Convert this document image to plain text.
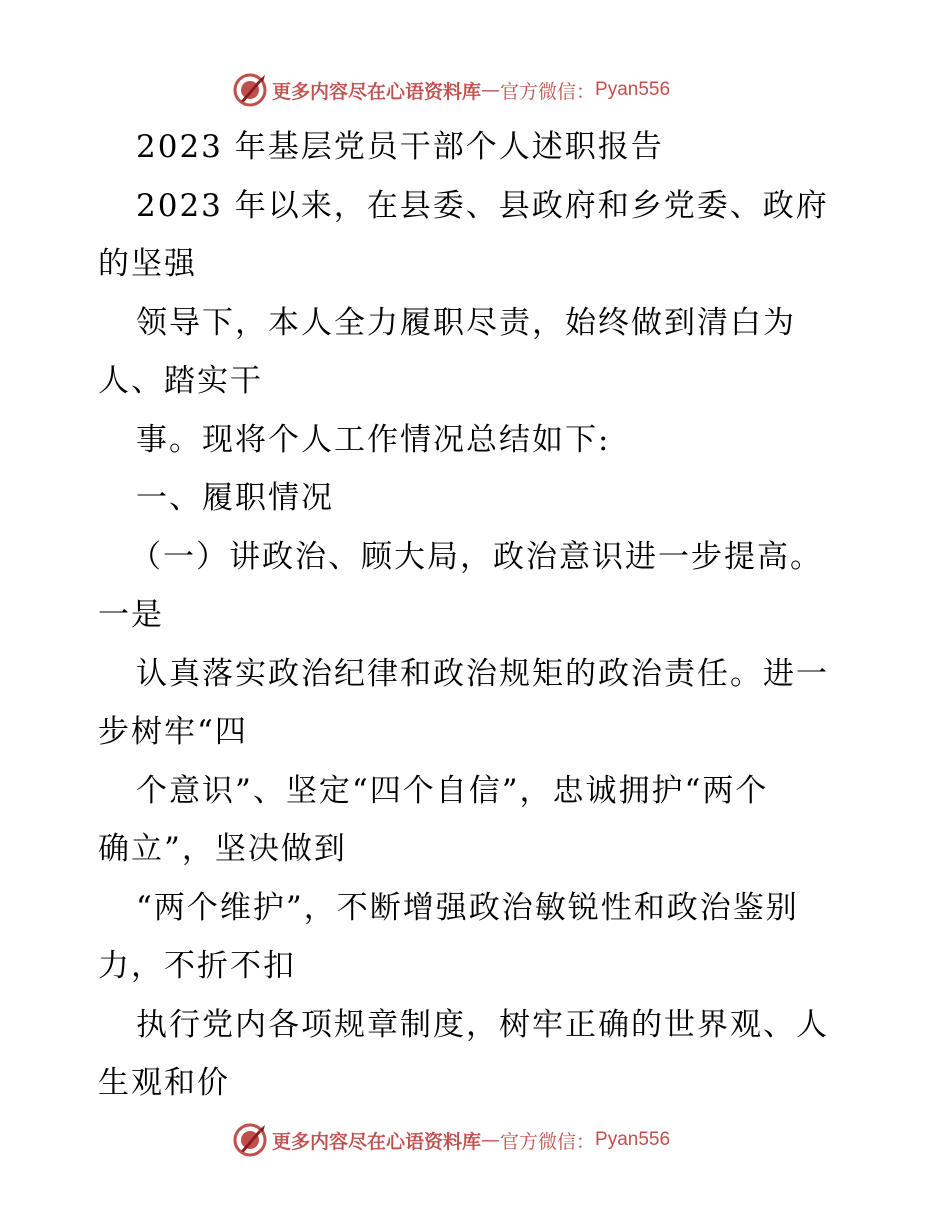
更多内容尽在心语资料库 — 官方微信： Pyan556
2023 年基层党员干部个人述职报告
2023 年以来，在县委、县政府和乡党委、政府
的坚强
领导下，本人全力履职尽责，始终做到清白为
人、踏实干
事。现将个人工作情况总结如下:
一、履职情况
（一）讲政治、顾大局，政治意识进一步提高。
一是
认真落实政治纪律和政治规矩的政治责任。进一
步树牢“四
个意识”、坚定“四个自信”，忠诚拥护“两个
确立”，坚决做到
“两个维护”，不断增强政治敏锐性和政治鉴别
力，不折不扣
执行党内各项规章制度，树牢正确的世界观、人
生观和价
更多内容尽在心语资料库 — 官方微信： Pyan556
